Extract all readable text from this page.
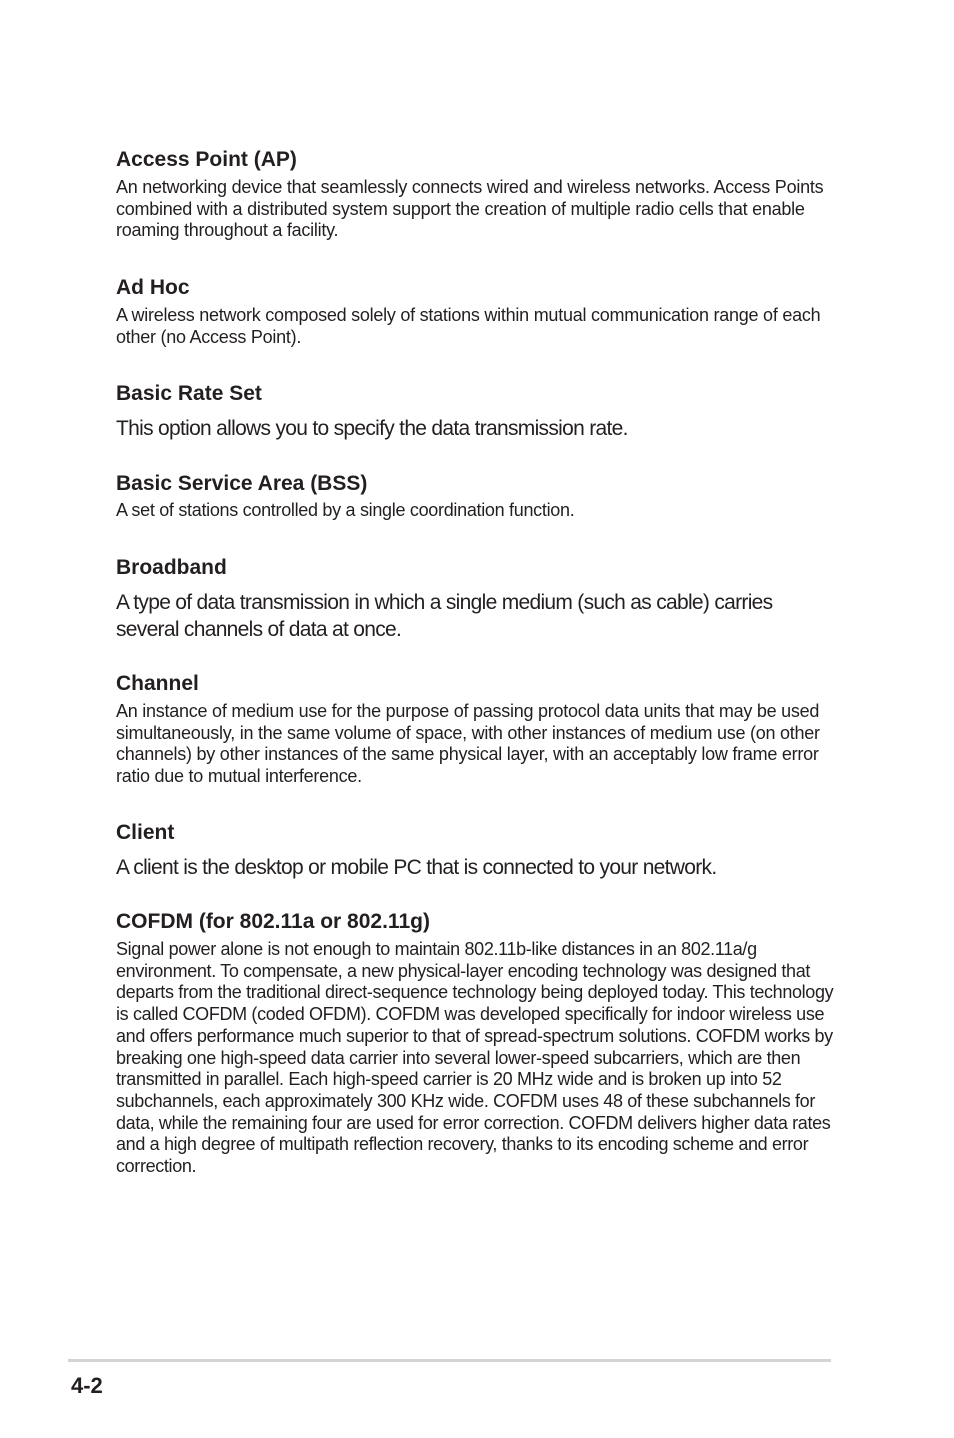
Access Point (AP)

An networking device that seamlessly connects wired and wireless networks. Access Points combined with a distributed system support the creation of multiple radio cells that enable roaming throughout a facility.

Ad Hoc

A wireless network composed solely of stations within mutual communication range of each other (no Access Point).

Basic Rate Set

This option allows you to specify the data transmission rate.

Basic Service Area (BSS)

A set of stations controlled by a single coordination function.

Broadband

A type of data transmission in which a single medium (such as cable) carries several channels of data at once.

Channel

An instance of medium use for the purpose of passing protocol data units that may be used simultaneously, in the same volume of space, with other instances of medium use (on other channels) by other instances of the same physical layer, with an acceptably low frame error ratio due to mutual interference.

Client

A client is the desktop or mobile PC that is connected to your network.

COFDM (for 802.11a or 802.11g)

Signal power alone is not enough to maintain 802.11b-like distances in an 802.11a/g environment. To compensate, a new physical-layer encoding technology was designed that departs from the traditional direct-sequence technology being deployed today. This technology is called COFDM (coded OFDM). COFDM was developed specifically for indoor wireless use and offers performance much superior to that of spread-spectrum solutions. COFDM works by breaking one high-speed data carrier into several lower-speed subcarriers, which are then transmitted in parallel. Each high-speed carrier is 20 MHz wide and is broken up into 52 subchannels, each approximately 300 KHz wide. COFDM uses 48 of these subchannels for data, while the remaining four are used for error correction. COFDM delivers higher data rates and a high degree of multipath reflection recovery, thanks to its encoding scheme and error correction.

4-2
